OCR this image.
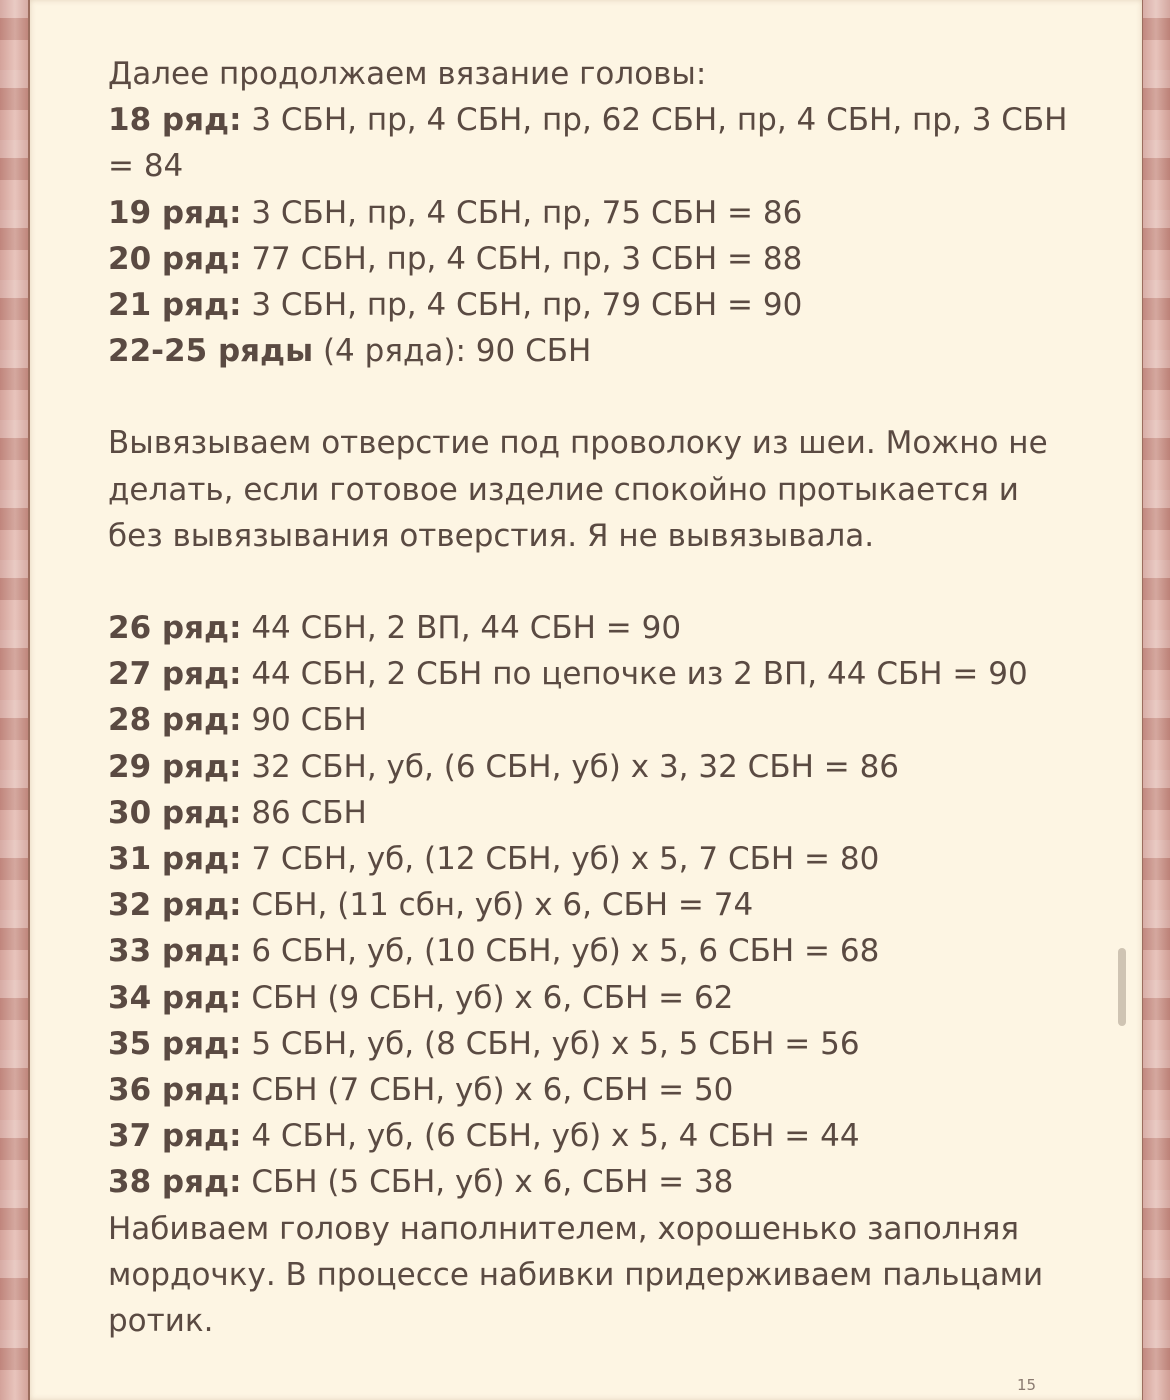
Далее продолжаем вязание головы:

18 ряд: 3 СБН, пр, 4 СБН, пр, 62 СБН, пр, 4 СБН, пр, 3 СБН = 84

19 ряд: 3 СБН, пр, 4 СБН, пр, 75 СБН = 86

20 ряд: 77 СБН, пр, 4 СБН, пр, 3 СБН = 88

21 ряд: 3 СБН, пр, 4 СБН, пр, 79 СБН = 90

22-25 ряды (4 ряда): 90 СБН

Вывязываем отверстие под проволоку из шеи. Можно не делать, если готовое изделие спокойно протыкается и без вывязывания отверстия. Я не вывязывала.

26 ряд: 44 СБН, 2 ВП, 44 СБН = 90

27 ряд: 44 СБН, 2 СБН по цепочке из 2 ВП, 44 СБН = 90

28 ряд: 90 СБН

29 ряд: 32 СБН, уб, (6 СБН, уб) х 3, 32 СБН = 86

30 ряд: 86 СБН

31 ряд: 7 СБН, уб, (12 СБН, уб) х 5, 7 СБН = 80

32 ряд: СБН, (11 сбн, уб) х 6, СБН = 74

33 ряд: 6 СБН, уб, (10 СБН, уб) х 5, 6 СБН = 68

34 ряд: СБН (9 СБН, уб) х 6, СБН = 62

35 ряд: 5 СБН, уб, (8 СБН, уб) х 5, 5 СБН = 56

36 ряд: СБН (7 СБН, уб) х 6, СБН = 50

37 ряд: 4 СБН, уб, (6 СБН, уб) х 5, 4 СБН = 44

38 ряд: СБН (5 СБН, уб) х 6, СБН = 38

Набиваем голову наполнителем, хорошенько заполняя мордочку. В процессе набивки придерживаем пальцами ротик.

15
